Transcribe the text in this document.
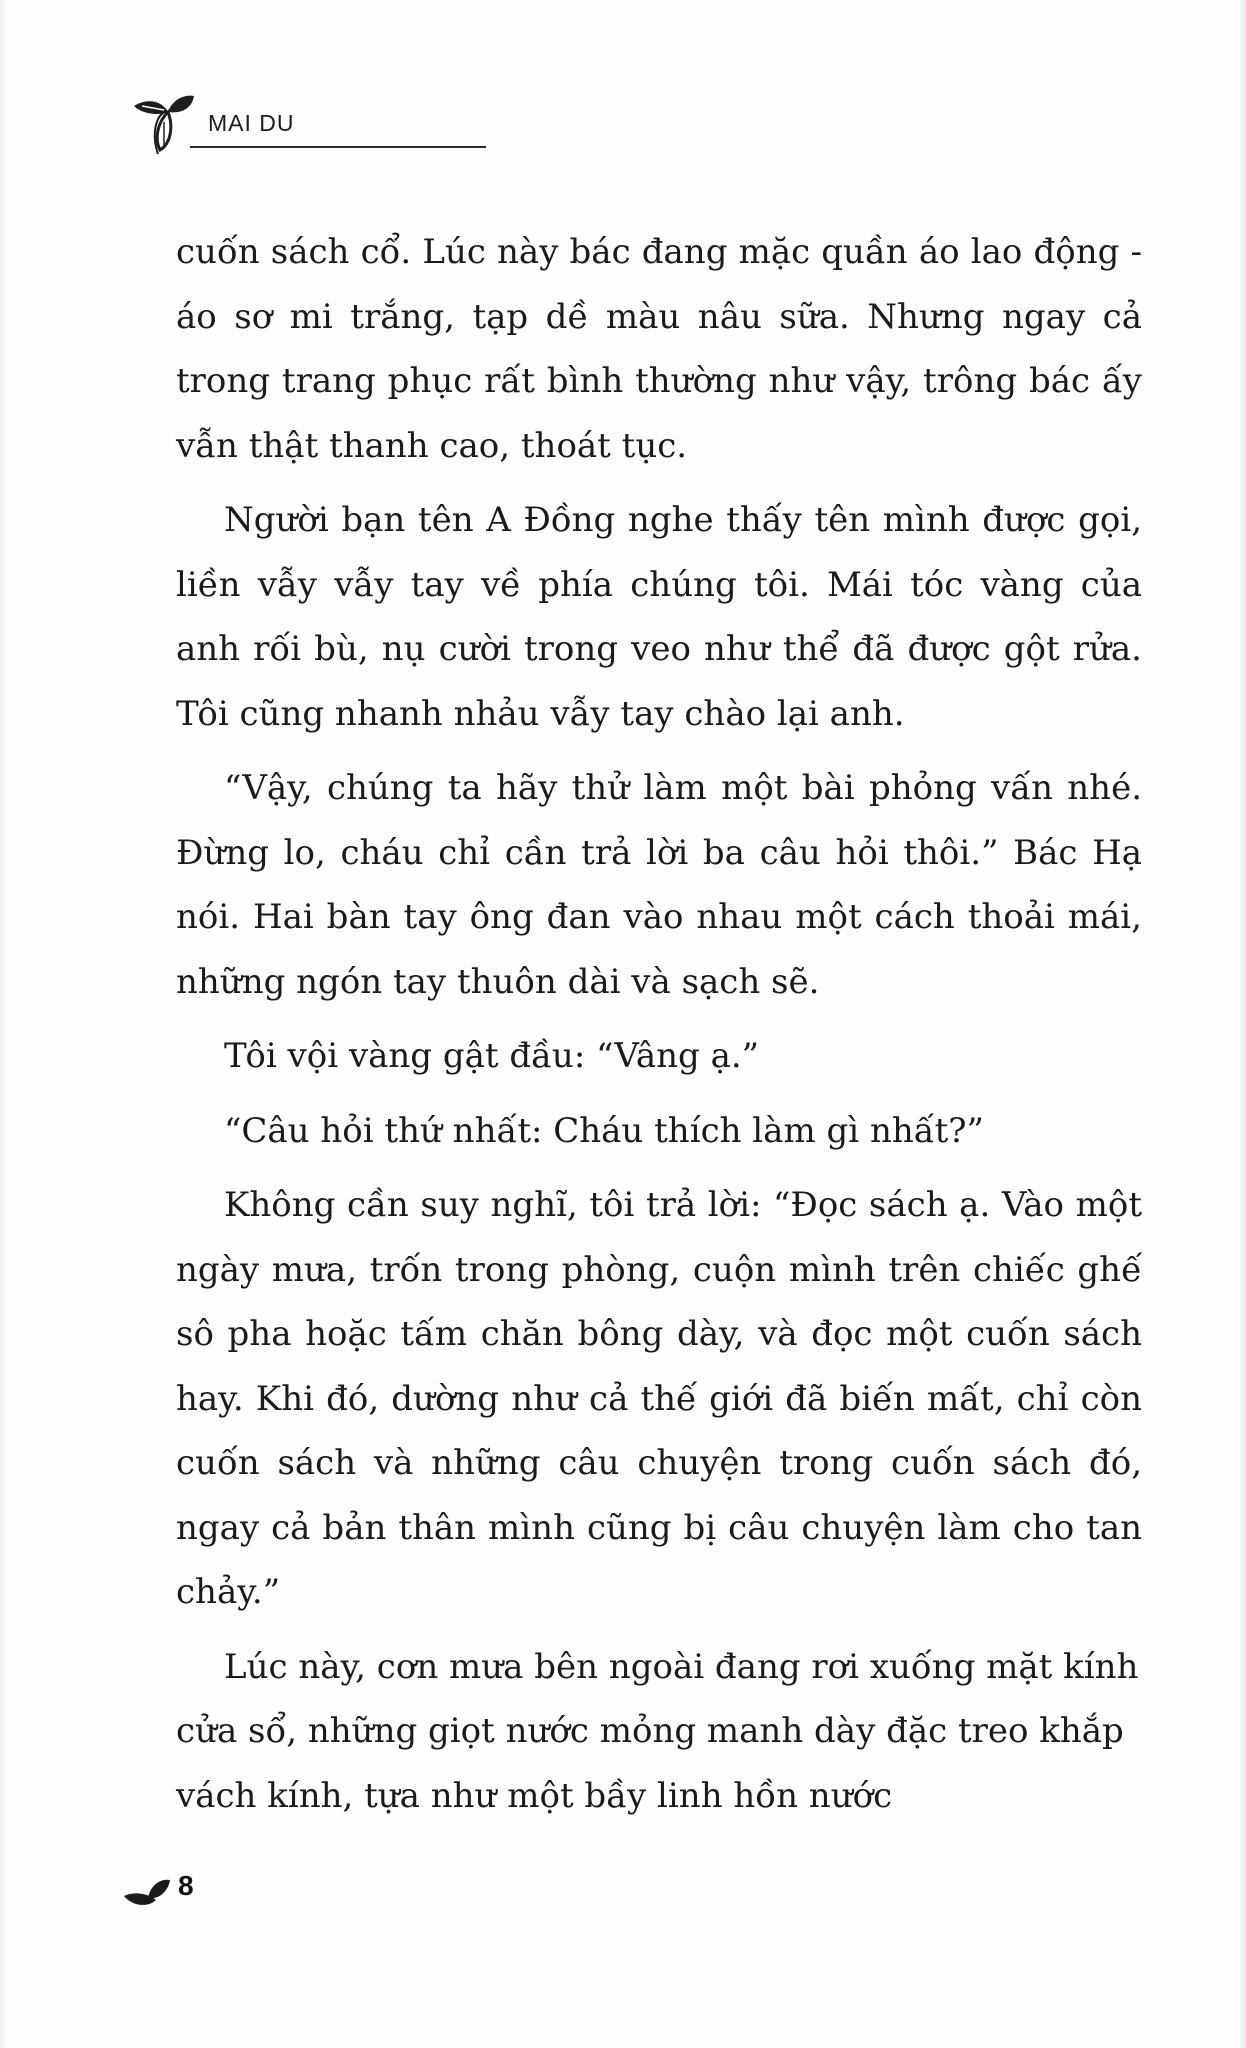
MAI DU

cuốn sách cổ. Lúc này bác đang mặc quần áo lao động - áo sơ mi trắng, tạp dề màu nâu sữa. Nhưng ngay cả trong trang phục rất bình thường như vậy, trông bác ấy vẫn thật thanh cao, thoát tục.

Người bạn tên A Đồng nghe thấy tên mình được gọi, liền vẫy vẫy tay về phía chúng tôi. Mái tóc vàng của anh rối bù, nụ cười trong veo như thể đã được gột rửa. Tôi cũng nhanh nhảu vẫy tay chào lại anh.

“Vậy, chúng ta hãy thử làm một bài phỏng vấn nhé. Đừng lo, cháu chỉ cần trả lời ba câu hỏi thôi.” Bác Hạ nói. Hai bàn tay ông đan vào nhau một cách thoải mái, những ngón tay thuôn dài và sạch sẽ.

Tôi vội vàng gật đầu: “Vâng ạ.”

“Câu hỏi thứ nhất: Cháu thích làm gì nhất?”

Không cần suy nghĩ, tôi trả lời: “Đọc sách ạ. Vào một ngày mưa, trốn trong phòng, cuộn mình trên chiếc ghế sô pha hoặc tấm chăn bông dày, và đọc một cuốn sách hay. Khi đó, dường như cả thế giới đã biến mất, chỉ còn cuốn sách và những câu chuyện trong cuốn sách đó, ngay cả bản thân mình cũng bị câu chuyện làm cho tan chảy.”

Lúc này, cơn mưa bên ngoài đang rơi xuống mặt kính cửa sổ, những giọt nước mỏng manh dày đặc treo khắp vách kính, tựa như một bầy linh hồn nước

8
